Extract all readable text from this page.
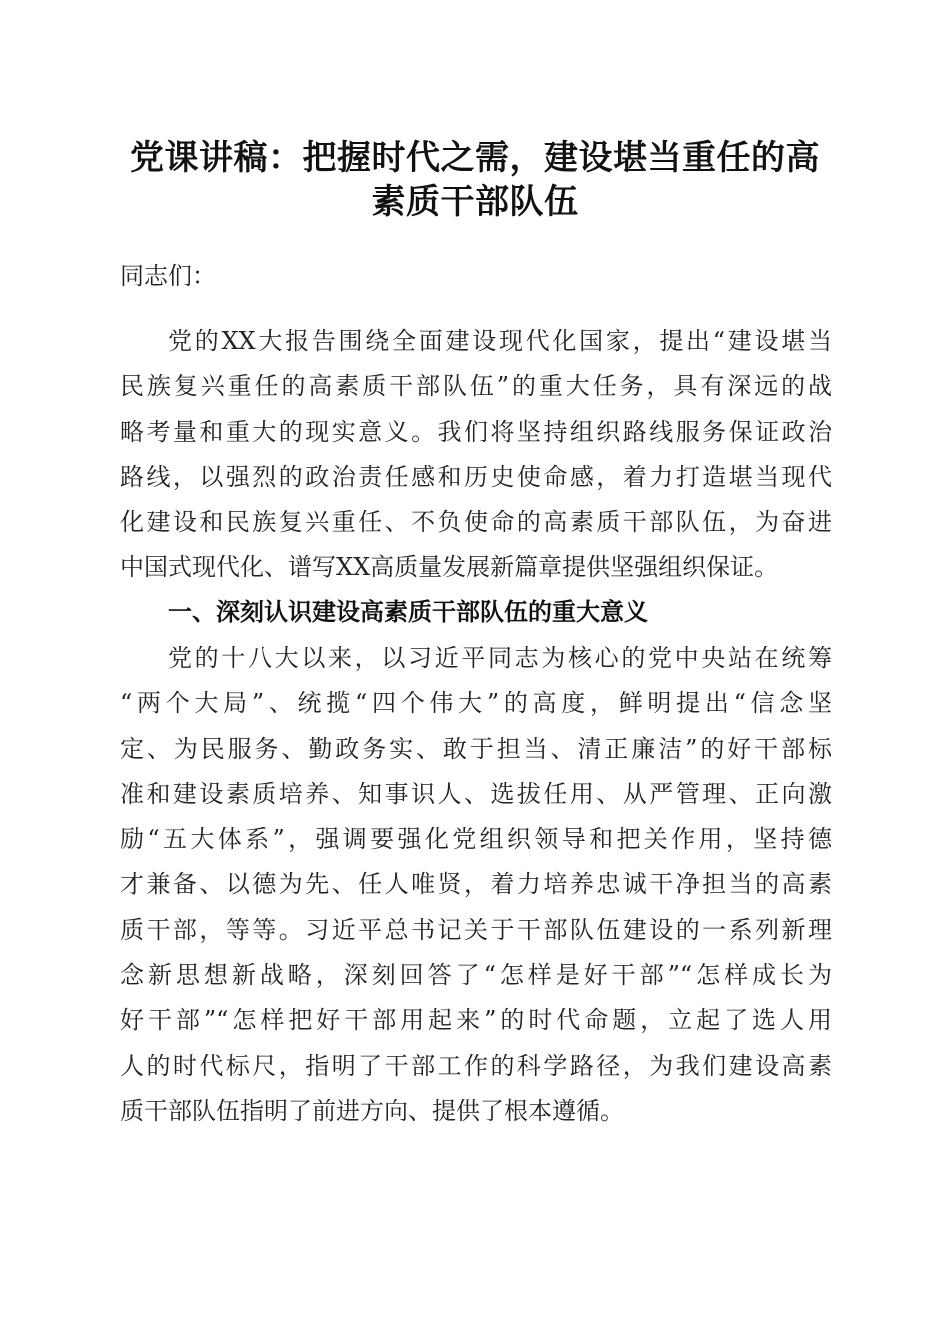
党课讲稿：把握时代之需，建设堪当重任的高
素质干部队伍
同志们：
党的XX大报告围绕全面建设现代化国家，提出“建设堪当
民族复兴重任的高素质干部队伍”的重大任务，具有深远的战
略考量和重大的现实意义。我们将坚持组织路线服务保证政治
路线，以强烈的政治责任感和历史使命感，着力打造堪当现代
化建设和民族复兴重任、不负使命的高素质干部队伍，为奋进
中国式现代化、谱写XX高质量发展新篇章提供坚强组织保证。
一、深刻认识建设高素质干部队伍的重大意义
党的十八大以来，以习近平同志为核心的党中央站在统筹
“两个大局”、统揽“四个伟大”的高度，鲜明提出“信念坚
定、为民服务、勤政务实、敢于担当、清正廉洁”的好干部标
准和建设素质培养、知事识人、选拔任用、从严管理、正向激
励“五大体系”，强调要强化党组织领导和把关作用，坚持德
才兼备、以德为先、任人唯贤，着力培养忠诚干净担当的高素
质干部，等等。习近平总书记关于干部队伍建设的一系列新理
念新思想新战略，深刻回答了“怎样是好干部”“怎样成长为
好干部”“怎样把好干部用起来”的时代命题，立起了选人用
人的时代标尺，指明了干部工作的科学路径，为我们建设高素
质干部队伍指明了前进方向、提供了根本遵循。
